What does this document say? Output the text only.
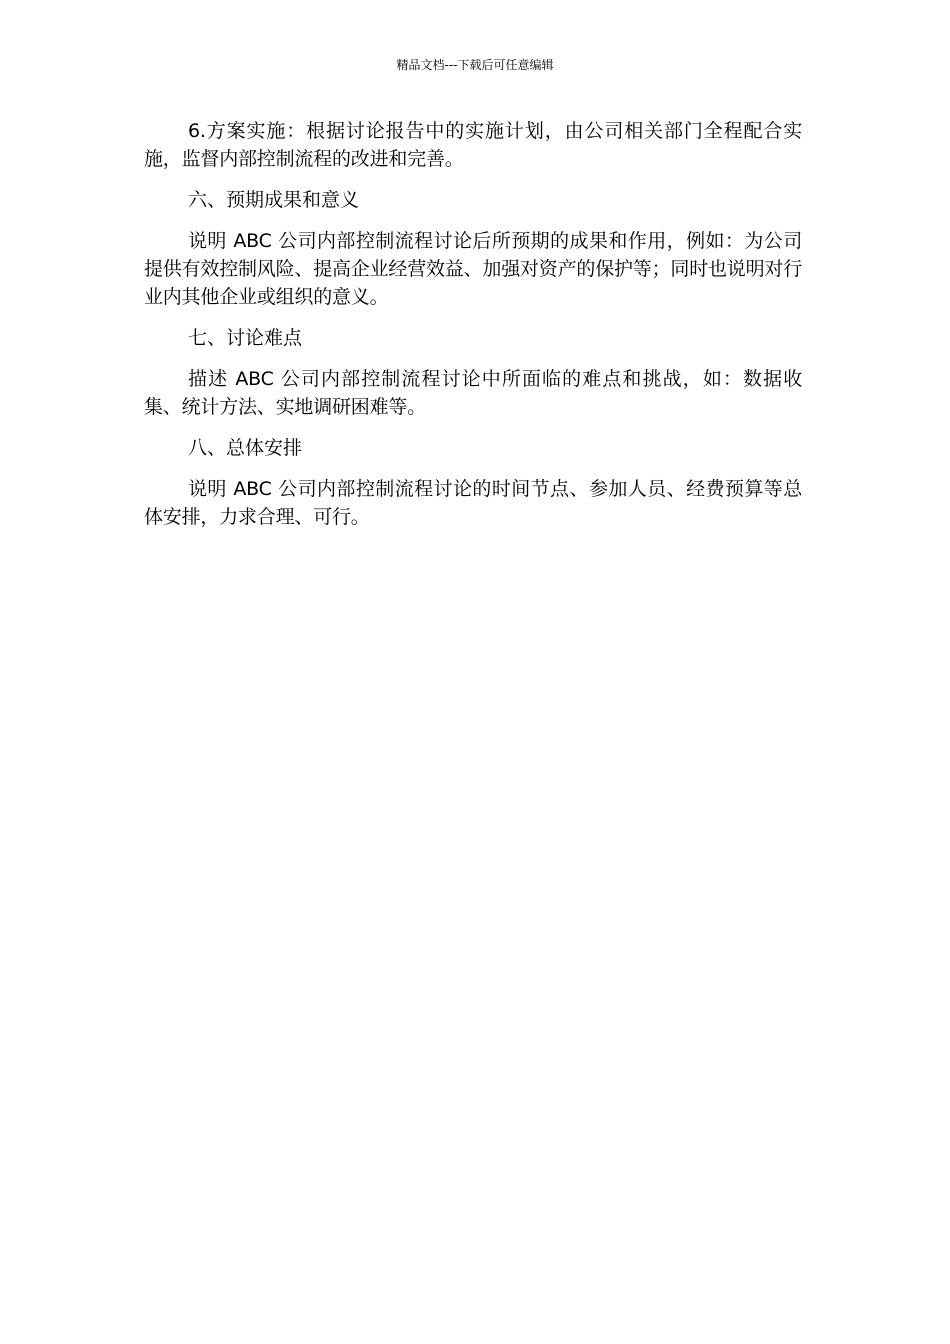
精品文档---下载后可任意编辑

6.方案实施：根据讨论报告中的实施计划，由公司相关部门全程配合实施，监督内部控制流程的改进和完善。

六、预期成果和意义

说明 ABC 公司内部控制流程讨论后所预期的成果和作用，例如：为公司提供有效控制风险、提高企业经营效益、加强对资产的保护等；同时也说明对行业内其他企业或组织的意义。

七、讨论难点

描述 ABC 公司内部控制流程讨论中所面临的难点和挑战，如：数据收集、统计方法、实地调研困难等。

八、总体安排

说明 ABC 公司内部控制流程讨论的时间节点、参加人员、经费预算等总体安排，力求合理、可行。
